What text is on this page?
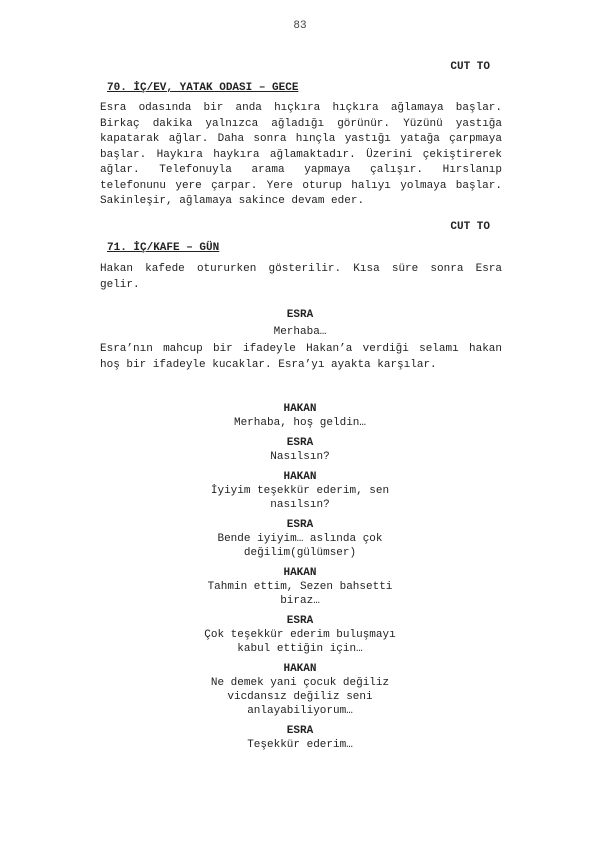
83
CUT TO
70. İÇ/EV, YATAK ODASI – GECE

Esra odasında bir anda hıçkıra hıçkıra ağlamaya başlar. Birkaç dakika yalnızca ağladığı görünür. Yüzünü yastığa kapatarak ağlar. Daha sonra hınçla yastığı yatağa çarpmaya başlar. Haykıra haykıra ağlamaktadır. Üzerini çekiştirerek ağlar. Telefonuyla arama yapmaya çalışır. Hırslanıp telefonunu yere çarpar. Yere oturup halıyı yolmaya başlar. Sakinleşir, ağlamaya sakince devam eder.

CUT TO
71. İÇ/KAFE – GÜN

Hakan kafede otururken gösterilir. Kısa süre sonra Esra gelir.

ESRA
Merhaba…

Esra’nın mahcup bir ifadeyle Hakan’a verdiği selamı hakan hoş bir ifadeyle kucaklar. Esra’yı ayakta karşılar.

HAKAN
Merhaba, hoş geldin…
ESRA
Nasılsın?
HAKAN
İyiyim teşekkür ederim, sen
nasılsın?
ESRA
Bende iyiyim… aslında çok
değilim(gülümser)
HAKAN
Tahmin ettim, Sezen bahsetti
biraz…
ESRA
Çok teşekkür ederim buluşmayı
kabul ettiğin için…
HAKAN
Ne demek yani çocuk değiliz
vicdansız değiliz seni
anlayabiliyorum…
ESRA
Teşekkür ederim…
